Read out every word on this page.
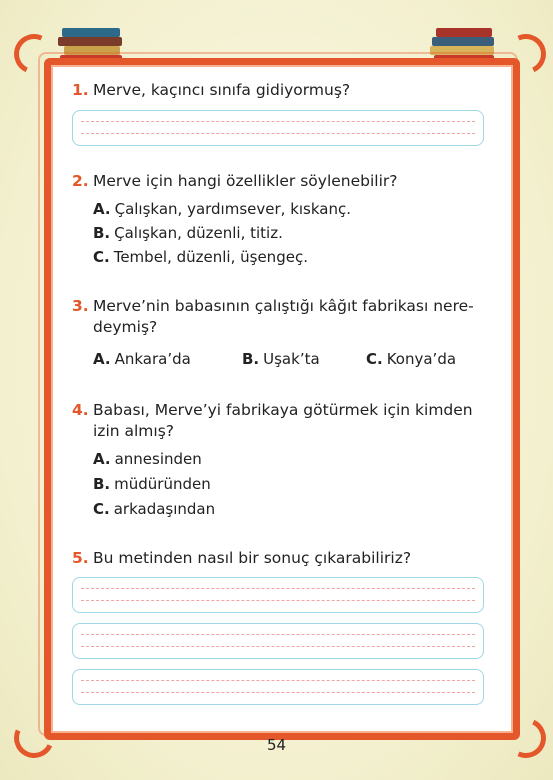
1. Merve, kaçıncı sınıfa gidiyormuş?
2. Merve için hangi özellikler söylenebilir?
A. Çalışkan, yardımsever, kıskanç.
B. Çalışkan, düzenli, titiz.
C. Tembel, düzenli, üşengeç.
3. Merve’nin babasının çalıştığı kâğıt fabrikası nere-
deymiş?
A. Ankara’da	B. Uşak’ta	C. Konya’da
4. Babası, Merve’yi fabrikaya götürmek için kimden
izin almış?
A. annesinden
B. müdüründen
C. arkadaşından
5. Bu metinden nasıl bir sonuç çıkarabiliriz?
54
